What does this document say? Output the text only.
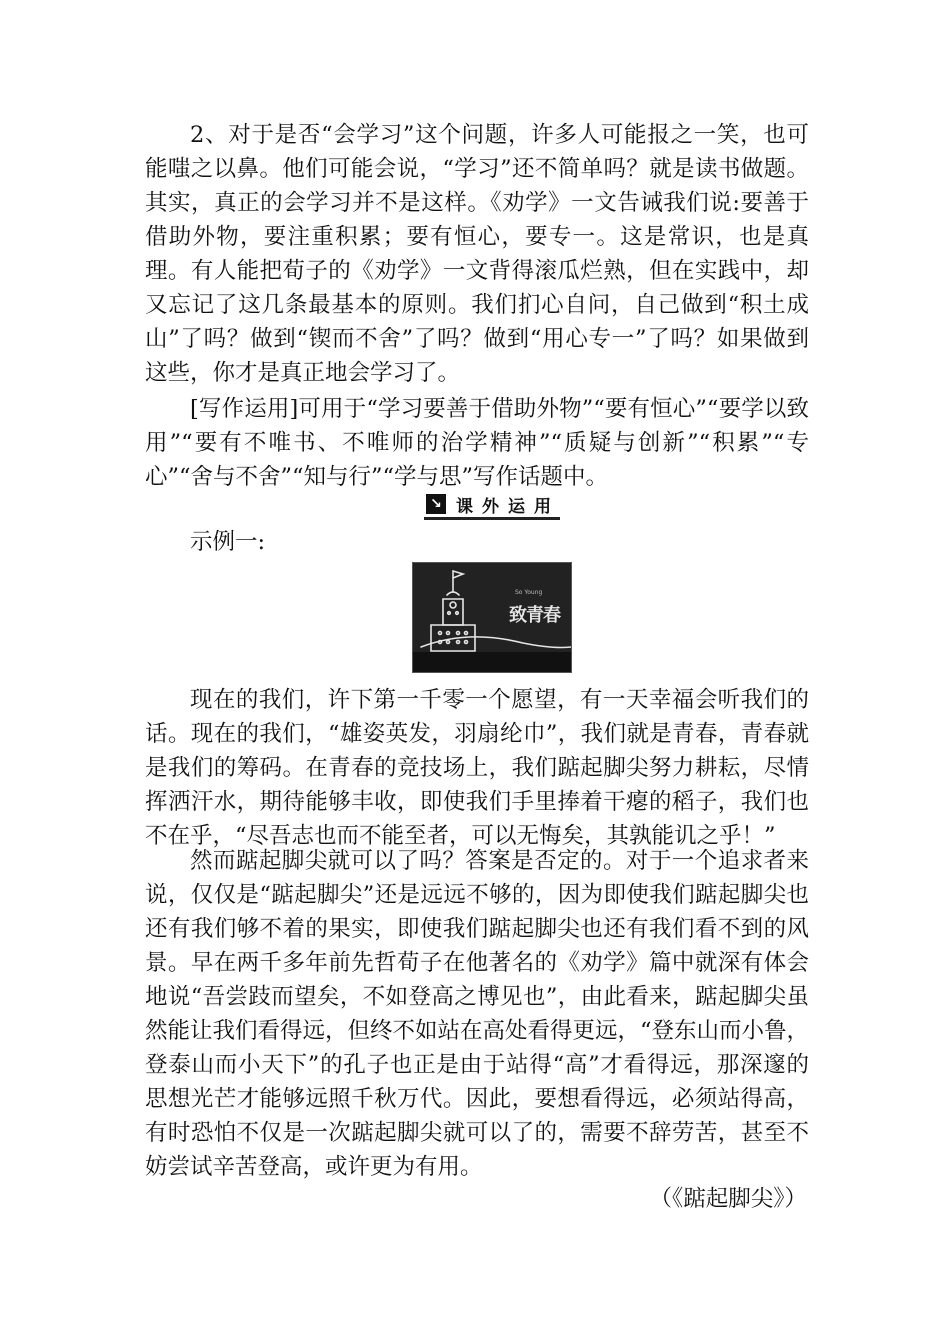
2、对于是否“会学习”这个问题，许多人可能报之一笑，也可能嗤之以鼻。他们可能会说，“学习”还不简单吗？就是读书做题。其实，真正的会学习并不是这样。《劝学》一文告诫我们说:要善于借助外物，要注重积累；要有恒心，要专一。这是常识，也是真理。有人能把荀子的《劝学》一文背得滚瓜烂熟，但在实践中，却又忘记了这几条最基本的原则。我们扪心自问，自己做到“积土成山”了吗？做到“锲而不舍”了吗？做到“用心专一”了吗？如果做到这些，你才是真正地会学习了。

[写作运用]可用于“学习要善于借助外物”“要有恒心”“要学以致用”“要有不唯书、不唯师的治学精神”“质疑与创新”“积累”“专心”“舍与不舍”“知与行”“学与思”写作话题中。

↘ 课外运用
示例一:
So Young
致青春

现在的我们，许下第一千零一个愿望，有一天幸福会听我们的话。现在的我们，“雄姿英发，羽扇纶巾”，我们就是青春，青春就是我们的筹码。在青春的竞技场上，我们踮起脚尖努力耕耘，尽情挥洒汗水，期待能够丰收，即使我们手里捧着干瘪的稻子，我们也不在乎，“尽吾志也而不能至者，可以无悔矣，其孰能讥之乎！”

然而踮起脚尖就可以了吗？答案是否定的。对于一个追求者来说，仅仅是“踮起脚尖”还是远远不够的，因为即使我们踮起脚尖也还有我们够不着的果实，即使我们踮起脚尖也还有我们看不到的风景。早在两千多年前先哲荀子在他著名的《劝学》篇中就深有体会地说“吾尝跂而望矣，不如登高之博见也”，由此看来，踮起脚尖虽然能让我们看得远，但终不如站在高处看得更远，“登东山而小鲁，登泰山而小天下”的孔子也正是由于站得“高”才看得远，那深邃的思想光芒才能够远照千秋万代。因此，要想看得远，必须站得高，有时恐怕不仅是一次踮起脚尖就可以了的，需要不辞劳苦，甚至不妨尝试辛苦登高，或许更为有用。

（《踮起脚尖》）
